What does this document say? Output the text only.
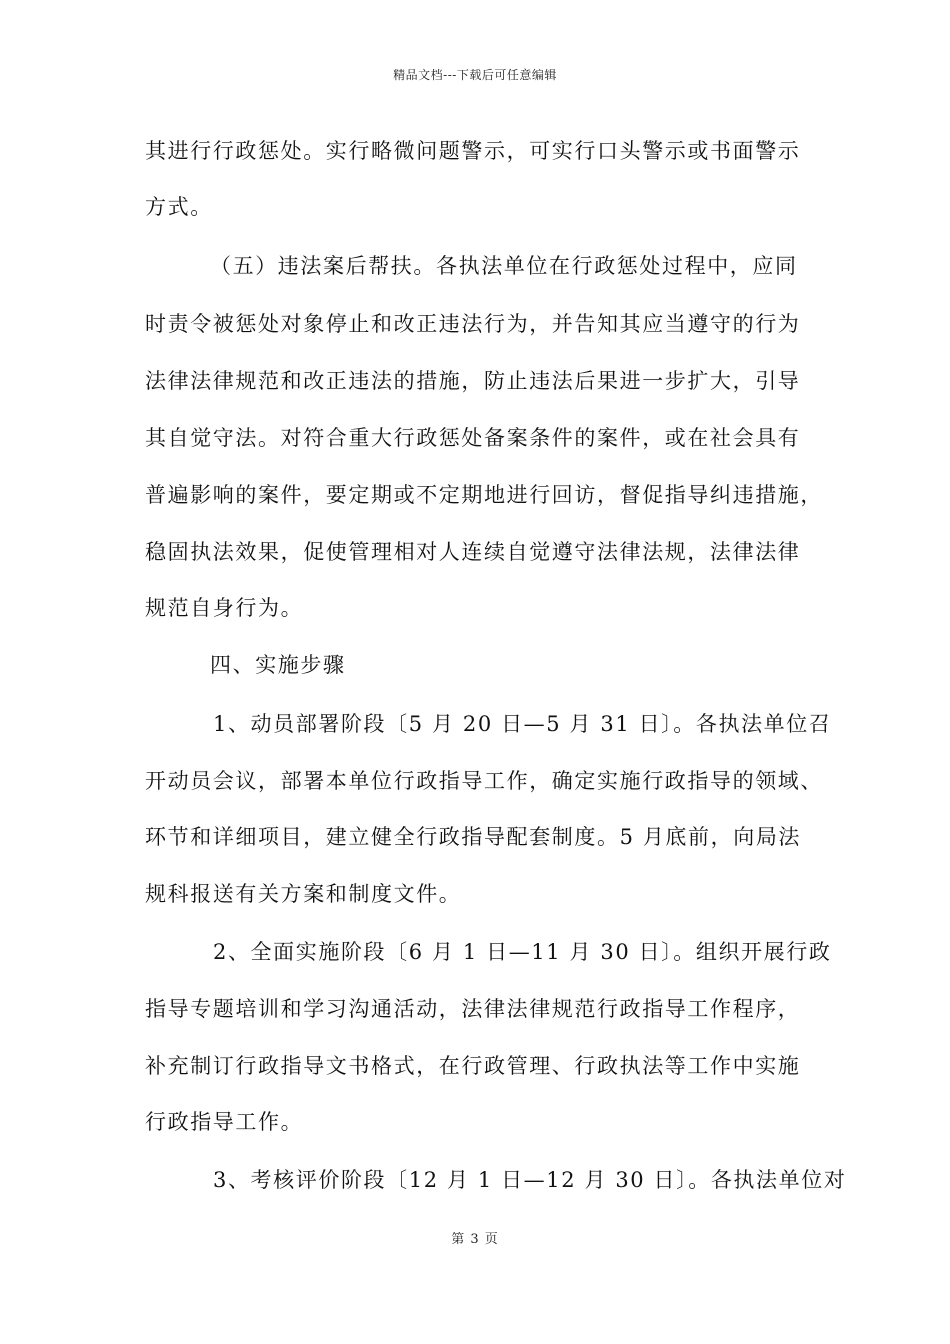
精品文档---下载后可任意编辑
其进行行政惩处。实行略微问题警示，可实行口头警示或书面警示
方式。
（五）违法案后帮扶。各执法单位在行政惩处过程中，应同
时责令被惩处对象停止和改正违法行为，并告知其应当遵守的行为
法律法律规范和改正违法的措施，防止违法后果进一步扩大，引导
其自觉守法。对符合重大行政惩处备案条件的案件，或在社会具有
普遍影响的案件，要定期或不定期地进行回访，督促指导纠违措施，
稳固执法效果，促使管理相对人连续自觉遵守法律法规，法律法律
规范自身行为。
四、实施步骤
1、动员部署阶段〔5 月 20 日—5 月 31 日〕。各执法单位召
开动员会议，部署本单位行政指导工作，确定实施行政指导的领域、
环节和详细项目，建立健全行政指导配套制度。5 月底前，向局法
规科报送有关方案和制度文件。
2、全面实施阶段〔6 月 1 日—11 月 30 日〕。组织开展行政
指导专题培训和学习沟通活动，法律法律规范行政指导工作程序，
补充制订行政指导文书格式，在行政管理、行政执法等工作中实施
行政指导工作。
3、考核评价阶段〔12 月 1 日—12 月 30 日〕。各执法单位对
第 3 页
